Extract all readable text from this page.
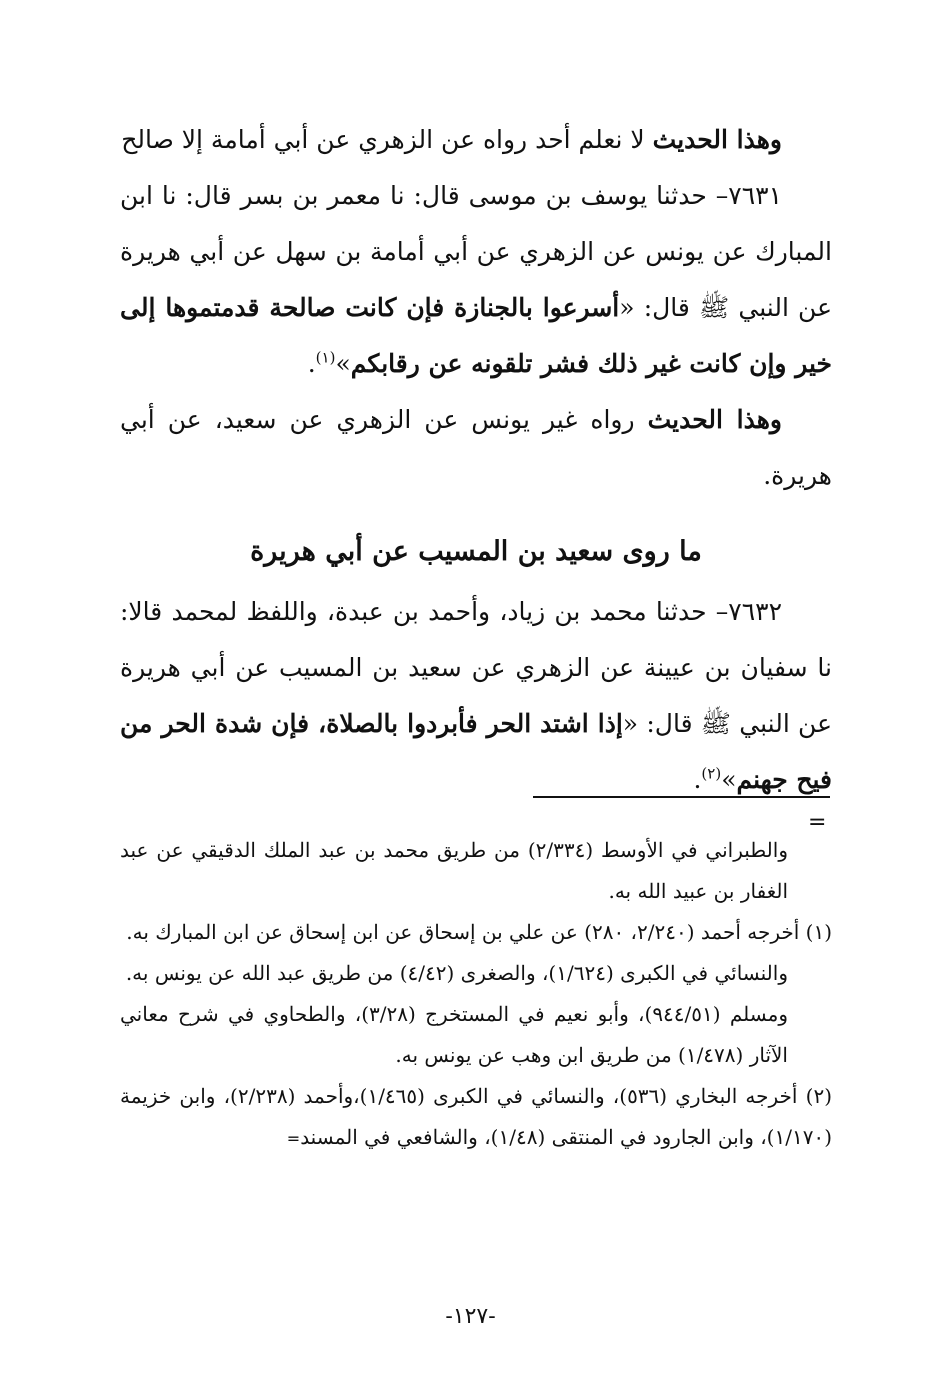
وهذا الحديث لا نعلم أحد رواه عن الزهري عن أبي أمامة إلا صالح

٧٦٣١– حدثنا يوسف بن موسى قال: نا معمر بن بسر قال: نا ابن المبارك عن يونس عن الزهري عن أبي أمامة بن سهل عن أبي هريرة عن النبي ﷺ قال: «أسرعوا بالجنازة فإن كانت صالحة قدمتموها إلى خير وإن كانت غير ذلك فشر تلقونه عن رقابكم»$^{(١)}$.

وهذا الحديث رواه غير يونس عن الزهري عن سعيد، عن أبي هريرة.

ما روى سعيد بن المسيب عن أبي هريرة

٧٦٣٢– حدثنا محمد بن زياد، وأحمد بن عبدة، واللفظ لمحمد قالا: نا سفيان بن عيينة عن الزهري عن سعيد بن المسيب عن أبي هريرة عن النبي ﷺ قال: «إذا اشتد الحر فأبردوا بالصلاة، فإن شدة الحر من فيح جهنم»$^{(٢)}$.

=

والطبراني في الأوسط (٢/٣٣٤) من طريق محمد بن عبد الملك الدقيقي عن عبد الغفار بن عبيد الله به.

(١) أخرجه أحمد (٢/٢٤٠، ٢٨٠) عن علي بن إسحاق عن ابن إسحاق عن ابن المبارك به.

والنسائي في الكبرى (١/٦٢٤)، والصغرى (٤/٤٢) من طريق عبد الله عن يونس به.

ومسلم (٩٤٤/٥١)، وأبو نعيم في المستخرج (٣/٢٨)، والطحاوي في شرح معاني الآثار (١/٤٧٨) من طريق ابن وهب عن يونس به.

(٢) أخرجه البخاري (٥٣٦)، والنسائي في الكبرى (١/٤٦٥)،وأحمد (٢/٢٣٨)، وابن خزيمة (١/١٧٠)، وابن الجارود في المنتقى (١/٤٨)، والشافعي في المسند=

-١٢٧-
